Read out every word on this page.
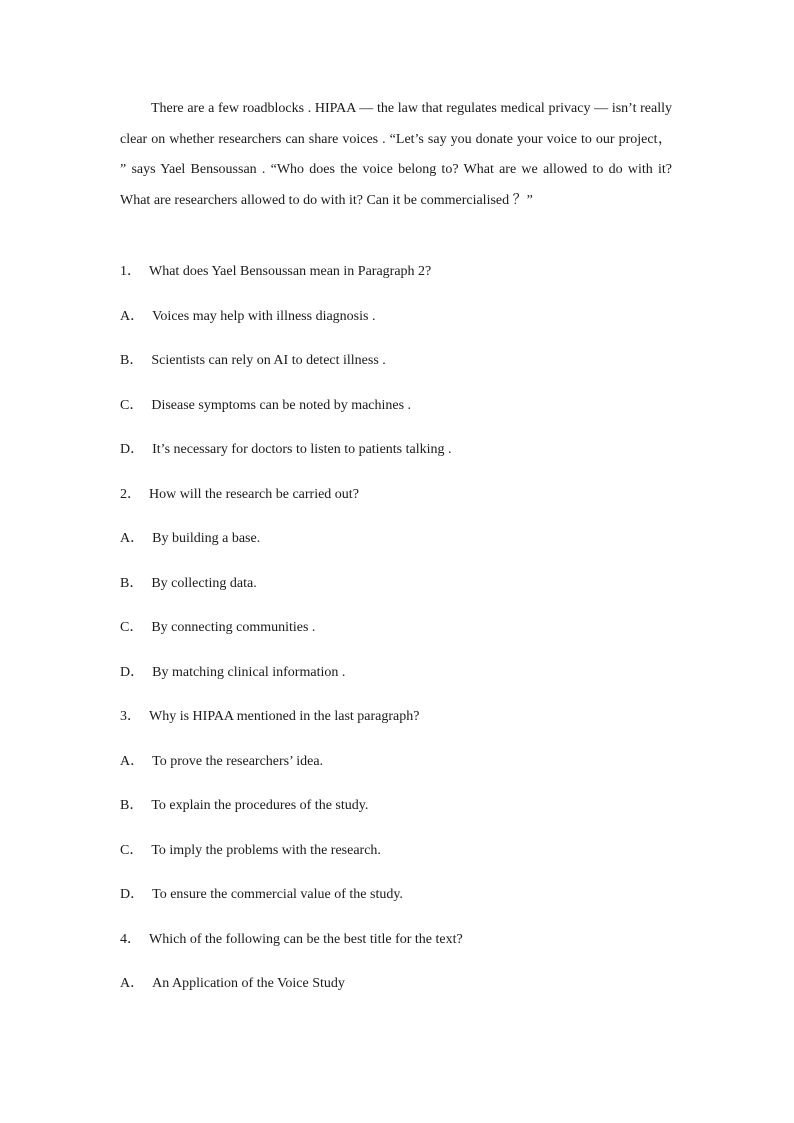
There are a few roadblocks . HIPAA — the law that regulates medical privacy — isn’t really clear on whether researchers can share voices . “Let’s say you donate your voice to our project， ” says Yael Bensoussan . “Who does the voice belong to? What are we allowed to do with it? What are researchers allowed to do with it? Can it be commercialised ？”

1． What does Yael Bensoussan mean in Paragraph 2?
A． Voices may help with illness diagnosis .
B． Scientists can rely on AI to detect illness .
C． Disease symptoms can be noted by machines .
D． It’s necessary for doctors to listen to patients talking .
2． How will the research be carried out?
A． By building a base.
B． By collecting data.
C． By connecting communities .
D． By matching clinical information .
3． Why is HIPAA mentioned in the last paragraph?
A． To prove the researchers’ idea.
B． To explain the procedures of the study.
C． To imply the problems with the research.
D． To ensure the commercial value of the study.
4． Which of the following can be the best title for the text?
A． An Application of the Voice Study
